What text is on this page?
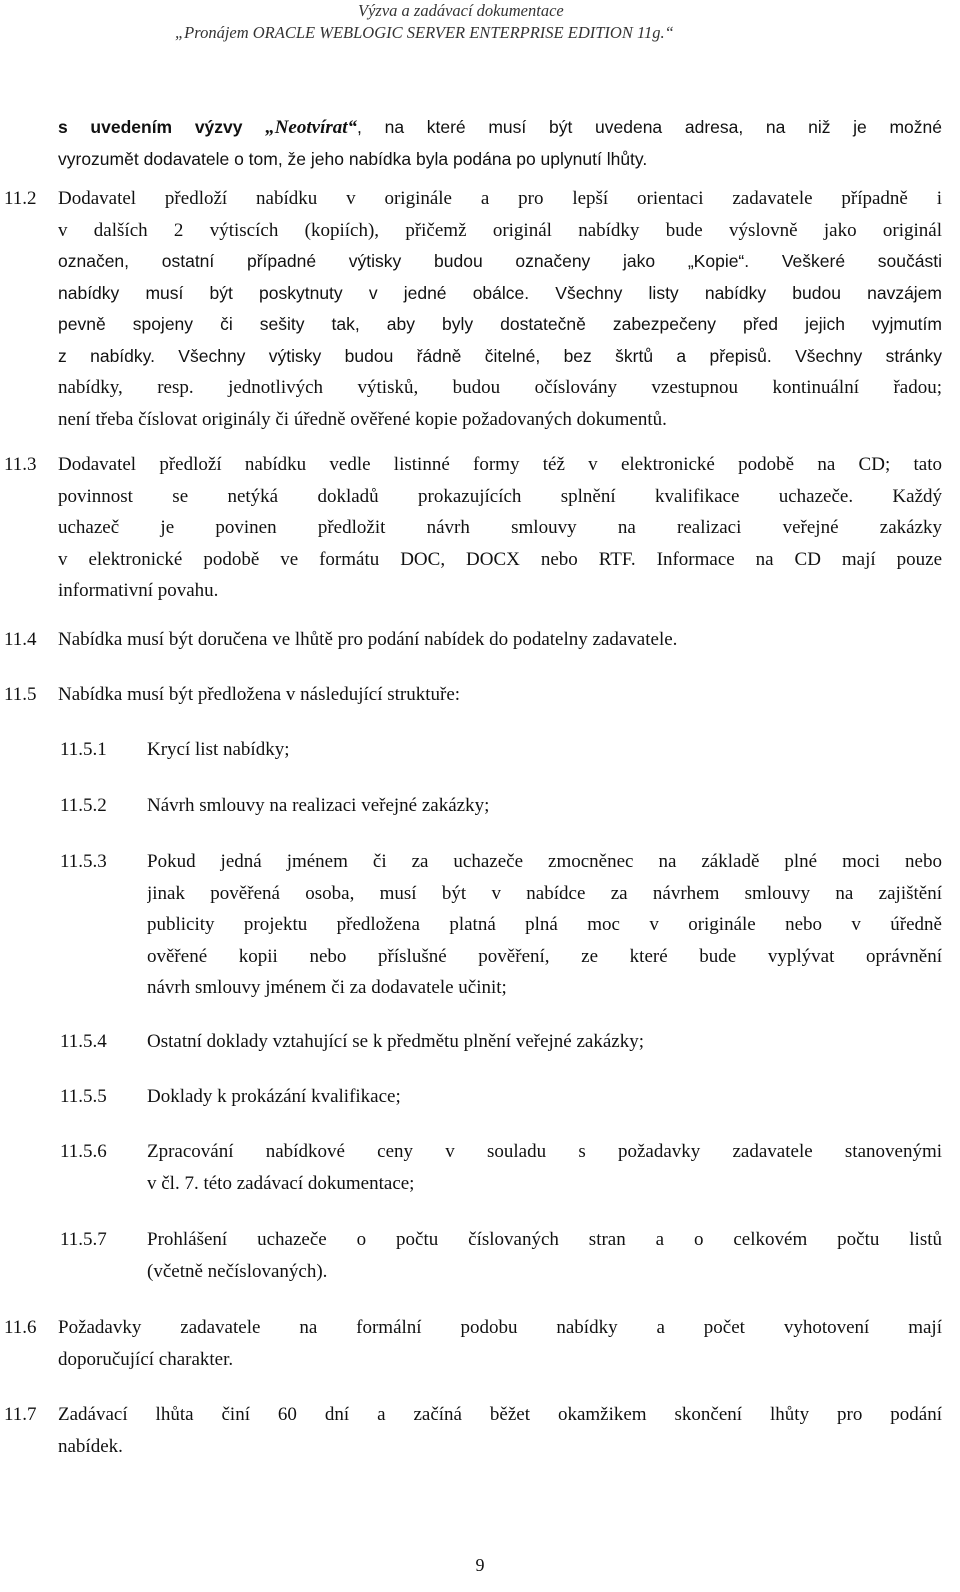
Výzva a zadávací dokumentace
„Pronájem ORACLE WEBLOGIC SERVER ENTERPRISE EDITION 11g.“
s uvedením výzvy „Neotvírat“, na které musí být uvedena adresa, na niž je možné
vyrozumět dodavatele o tom, že jeho nabídka byla podána po uplynutí lhůty.
11.2 Dodavatel předloží nabídku v originále a pro lepší orientaci zadavatele případně i
v dalších 2 výtiscích (kopiích), přičemž originál nabídky bude výslovně jako originál
označen, ostatní případné výtisky budou označeny jako „Kopie“. Veškeré součásti
nabídky musí být poskytnuty v jedné obálce. Všechny listy nabídky budou navzájem
pevně spojeny či sešity tak, aby byly dostatečně zabezpečeny před jejich vyjmutím
z nabídky. Všechny výtisky budou řádně čitelné, bez škrtů a přepisů. Všechny stránky
nabídky, resp. jednotlivých výtisků, budou očíslovány vzestupnou kontinuální řadou;
není třeba číslovat originály či úředně ověřené kopie požadovaných dokumentů.
11.3 Dodavatel předloží nabídku vedle listinné formy též v elektronické podobě na CD; tato
povinnost se netýká dokladů prokazujících splnění kvalifikace uchazeče. Každý
uchazeč je povinen předložit návrh smlouvy na realizaci veřejné zakázky
v elektronické podobě ve formátu DOC, DOCX nebo RTF. Informace na CD mají pouze
informativní povahu.
11.4 Nabídka musí být doručena ve lhůtě pro podání nabídek do podatelny zadavatele.
11.5 Nabídka musí být předložena v následující struktuře:
11.5.1 Krycí list nabídky;
11.5.2 Návrh smlouvy na realizaci veřejné zakázky;
11.5.3 Pokud jedná jménem či za uchazeče zmocněnec na základě plné moci nebo
jinak pověřená osoba, musí být v nabídce za návrhem smlouvy na zajištění
publicity projektu předložena platná plná moc v originále nebo v úředně
ověřené kopii nebo příslušné pověření, ze které bude vyplývat oprávnění
návrh smlouvy jménem či za dodavatele učinit;
11.5.4 Ostatní doklady vztahující se k předmětu plnění veřejné zakázky;
11.5.5 Doklady k prokázání kvalifikace;
11.5.6 Zpracování nabídkové ceny v souladu s požadavky zadavatele stanovenými
v čl. 7. této zadávací dokumentace;
11.5.7 Prohlášení uchazeče o počtu číslovaných stran a o celkovém počtu listů
(včetně nečíslovaných).
11.6 Požadavky zadavatele na formální podobu nabídky a počet vyhotovení mají
doporučující charakter.
11.7 Zadávací lhůta činí 60 dní a začíná běžet okamžikem skončení lhůty pro podání
nabídek.
9
